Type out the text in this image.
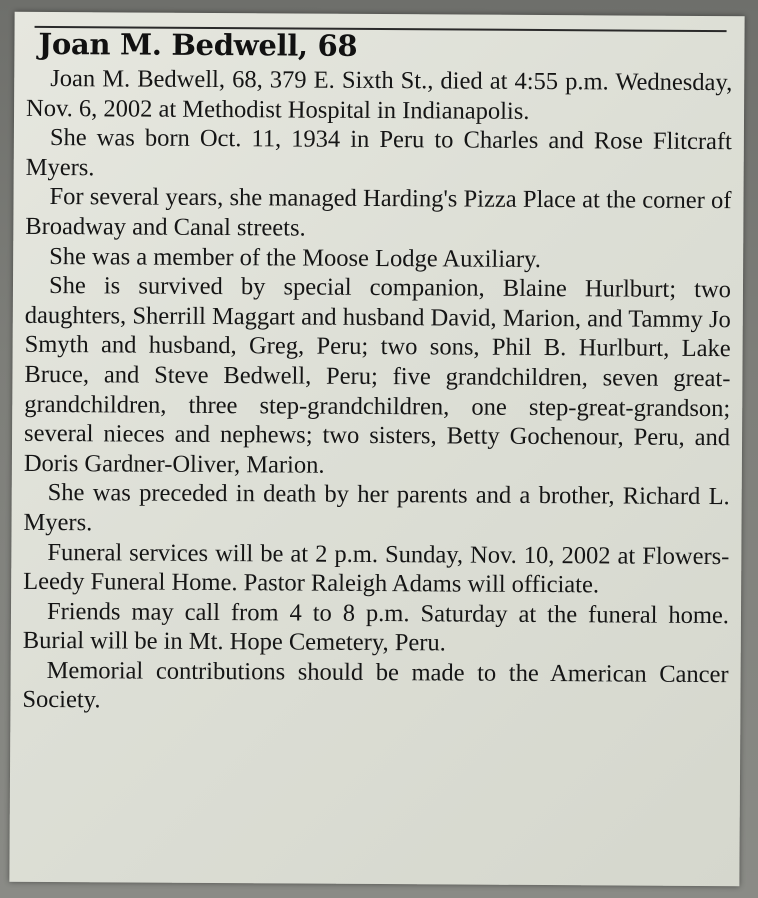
Joan M. Bedwell, 68

Joan M. Bedwell, 68, 379 E. Sixth St., died at 4:55 p.m. Wednesday, Nov. 6, 2002 at Methodist Hospital in Indianapolis.

She was born Oct. 11, 1934 in Peru to Charles and Rose Flitcraft Myers.

For several years, she managed Harding's Pizza Place at the corner of Broadway and Canal streets.

She was a member of the Moose Lodge Auxiliary.

She is survived by special companion, Blaine Hurlburt; two daughters, Sherrill Maggart and husband David, Marion, and Tammy Jo Smyth and husband, Greg, Peru; two sons, Phil B. Hurlburt, Lake Bruce, and Steve Bedwell, Peru; five grandchildren, seven great-grandchildren, three step-grandchildren, one step-great-grandson; several nieces and nephews; two sisters, Betty Gochenour, Peru, and Doris Gardner-Oliver, Marion.

She was preceded in death by her parents and a brother, Richard L. Myers.

Funeral services will be at 2 p.m. Sunday, Nov. 10, 2002 at Flowers-Leedy Funeral Home. Pastor Raleigh Adams will officiate.

Friends may call from 4 to 8 p.m. Saturday at the funeral home. Burial will be in Mt. Hope Cemetery, Peru.

Memorial contributions should be made to the American Cancer Society.
